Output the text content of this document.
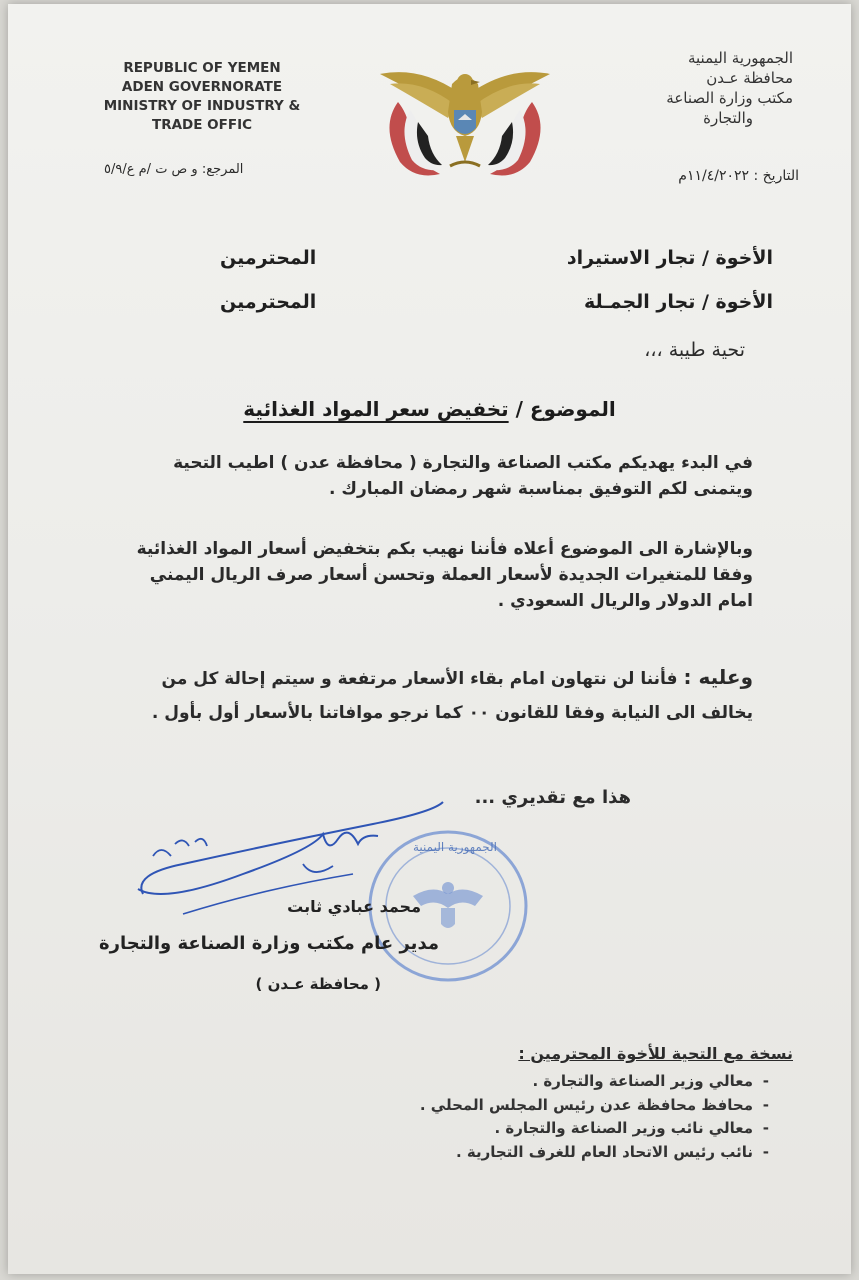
REPUBLIC OF YEMEN
ADEN GOVERNORATE
MINISTRY OF INDUSTRY &
TRADE OFFIC
الجمهورية اليمنية
محافظة عـدن
مكتب وزارة الصناعة
والتجارة
التاريخ : ١١/٤/٢٠٢٢م
المرجع: و ص ت /م ع/٥/٩
الأخوة / تجار الاستيراد
المحترمين
الأخوة / تجار الجمـلة
المحترمين
تحية طيبة ،،،
الموضوع / تخفيض سعر المواد الغذائية
في البدء يهديكم مكتب الصناعة والتجارة ( محافظة عدن ) اطيب التحية ويتمنى لكم التوفيق بمناسبة شهر رمضان المبارك .
وبالإشارة الى الموضوع أعلاه فأننا نهيب بكم بتخفيض أسعار المواد الغذائية وفقا للمتغيرات الجديدة لأسعار العملة وتحسن أسعار صرف الريال اليمني امام الدولار والريال السعودي .
وعليه : فأننا لن نتهاون امام بقاء الأسعار مرتفعة و سيتم إحالة كل من يخالف الى النيابة وفقا للقانون ٠٠ كما نرجو موافاتنا بالأسعار أول بأول .
هذا مع تقديري ...
الجمهورية اليمنية
محمد عبادي ثابت
مدير عام مكتب وزارة الصناعة والتجارة
( محافظة عـدن )
نسخة مع التحية للأخوة المحترمين :
- معالي وزير الصناعة والتجارة .
- محافظ محافظة عدن رئيس المجلس المحلي .
- معالي نائب وزير الصناعة والتجارة .
- نائب رئيس الاتحاد العام للغرف التجارية .
